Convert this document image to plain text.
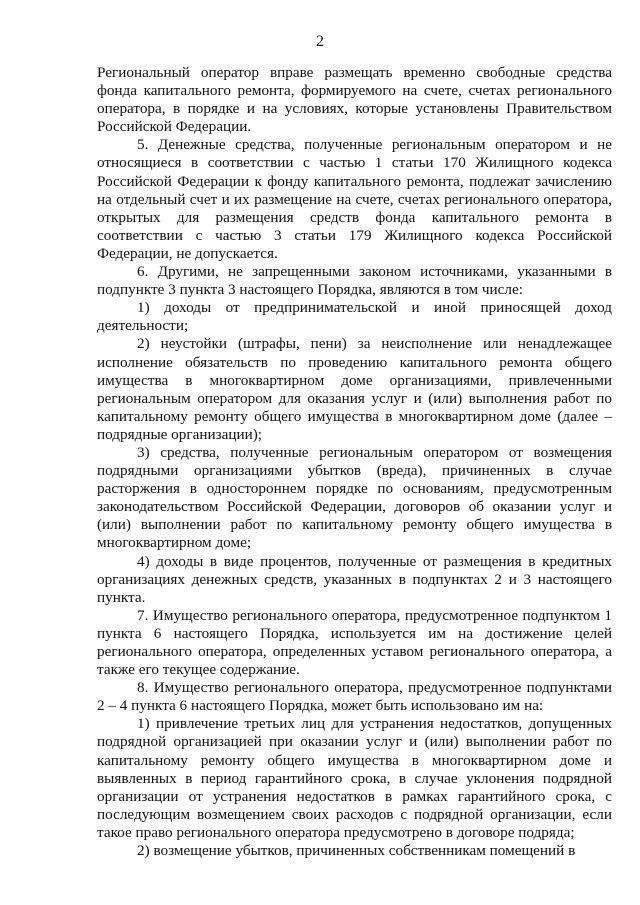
2

Региональный оператор вправе размещать временно свободные средства фонда капитального ремонта, формируемого на счете, счетах регионального оператора, в порядке и на условиях, которые установлены Правительством Российской Федерации.

5. Денежные средства, полученные региональным оператором и не относящиеся в соответствии с частью 1 статьи 170 Жилищного кодекса Российской Федерации к фонду капитального ремонта, подлежат зачислению на отдельный счет и их размещение на счете, счетах регионального оператора, открытых для размещения средств фонда капитального ремонта в соответствии с частью 3 статьи 179 Жилищного кодекса Российской Федерации, не допускается.

6. Другими, не запрещенными законом источниками, указанными в подпункте 3 пункта 3 настоящего Порядка, являются в том числе:

1) доходы от предпринимательской и иной приносящей доход деятельности;

2) неустойки (штрафы, пени) за неисполнение или ненадлежащее исполнение обязательств по проведению капитального ремонта общего имущества в многоквартирном доме организациями, привлеченными региональным оператором для оказания услуг и (или) выполнения работ по капитальному ремонту общего имущества в многоквартирном доме (далее – подрядные организации);

3) средства, полученные региональным оператором от возмещения подрядными организациями убытков (вреда), причиненных в случае расторжения в одностороннем порядке по основаниям, предусмотренным законодательством Российской Федерации, договоров об оказании услуг и (или) выполнении работ по капитальному ремонту общего имущества в многоквартирном доме;

4) доходы в виде процентов, полученные от размещения в кредитных организациях денежных средств, указанных в подпунктах 2 и 3 настоящего пункта.

7. Имущество регионального оператора, предусмотренное подпунктом 1 пункта 6 настоящего Порядка, используется им на достижение целей регионального оператора, определенных уставом регионального оператора, а также его текущее содержание.

8. Имущество регионального оператора, предусмотренное подпунктами 2 – 4 пункта 6 настоящего Порядка, может быть использовано им на:

1) привлечение третьих лиц для устранения недостатков, допущенных подрядной организацией при оказании услуг и (или) выполнении работ по капитальному ремонту общего имущества в многоквартирном доме и выявленных в период гарантийного срока, в случае уклонения подрядной организации от устранения недостатков в рамках гарантийного срока, с последующим возмещением своих расходов с подрядной организации, если такое право регионального оператора предусмотрено в договоре подряда;

2) возмещение убытков, причиненных собственникам помещений в
